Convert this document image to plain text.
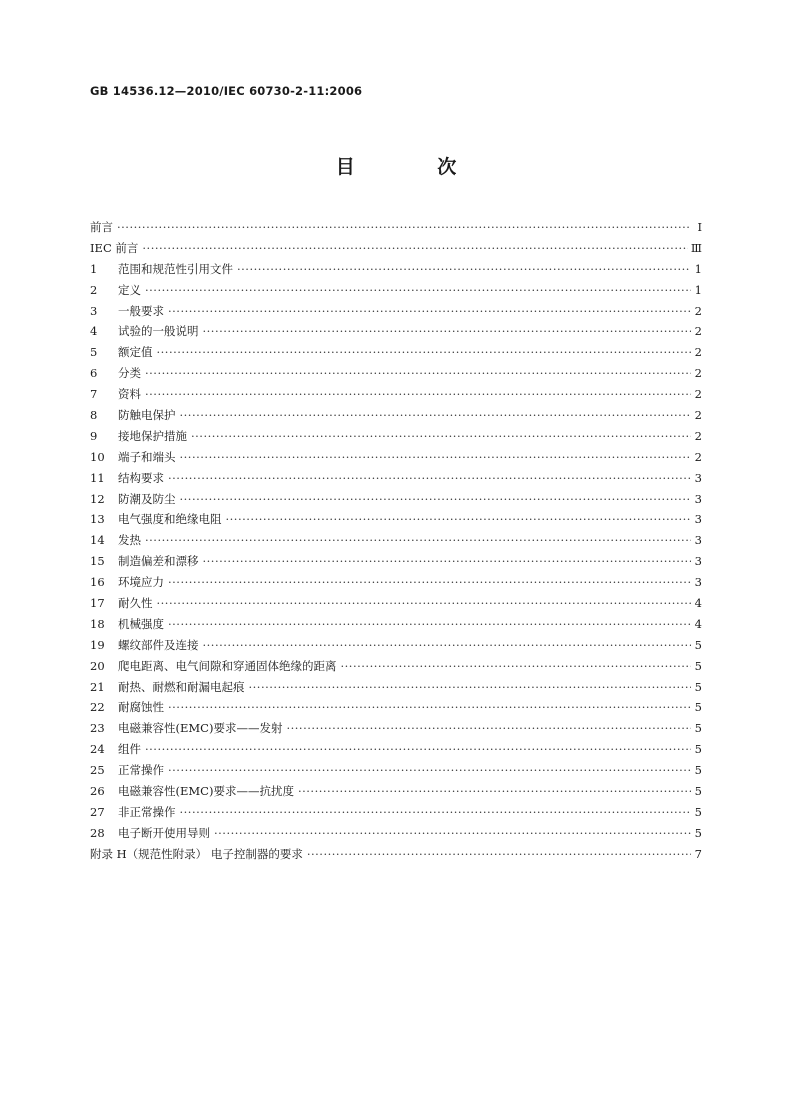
GB 14536.12—2010/IEC 60730-2-11:2006
目 次
前言 ·····	Ⅰ
IEC 前言 ·····	Ⅲ
1	范围和规范性引用文件 ·····	1
2	定义 ·····	1
3	一般要求 ·····	2
4	试验的一般说明 ·····	2
5	额定值 ·····	2
6	分类 ·····	2
7	资料 ·····	2
8	防触电保护 ·····	2
9	接地保护措施 ·····	2
10	端子和端头 ·····	2
11	结构要求 ·····	3
12	防潮及防尘 ·····	3
13	电气强度和绝缘电阻 ·····	3
14	发热 ·····	3
15	制造偏差和漂移 ·····	3
16	环境应力 ·····	3
17	耐久性 ·····	4
18	机械强度 ·····	4
19	螺纹部件及连接 ·····	5
20	爬电距离、电气间隙和穿通固体绝缘的距离 ·····	5
21	耐热、耐燃和耐漏电起痕 ·····	5
22	耐腐蚀性 ·····	5
23	电磁兼容性(EMC)要求——发射 ·····	5
24	组件 ·····	5
25	正常操作 ·····	5
26	电磁兼容性(EMC)要求——抗扰度 ·····	5
27	非正常操作 ·····	5
28	电子断开使用导则 ·····	5
附录 H（规范性附录） 电子控制器的要求 ·····	7
